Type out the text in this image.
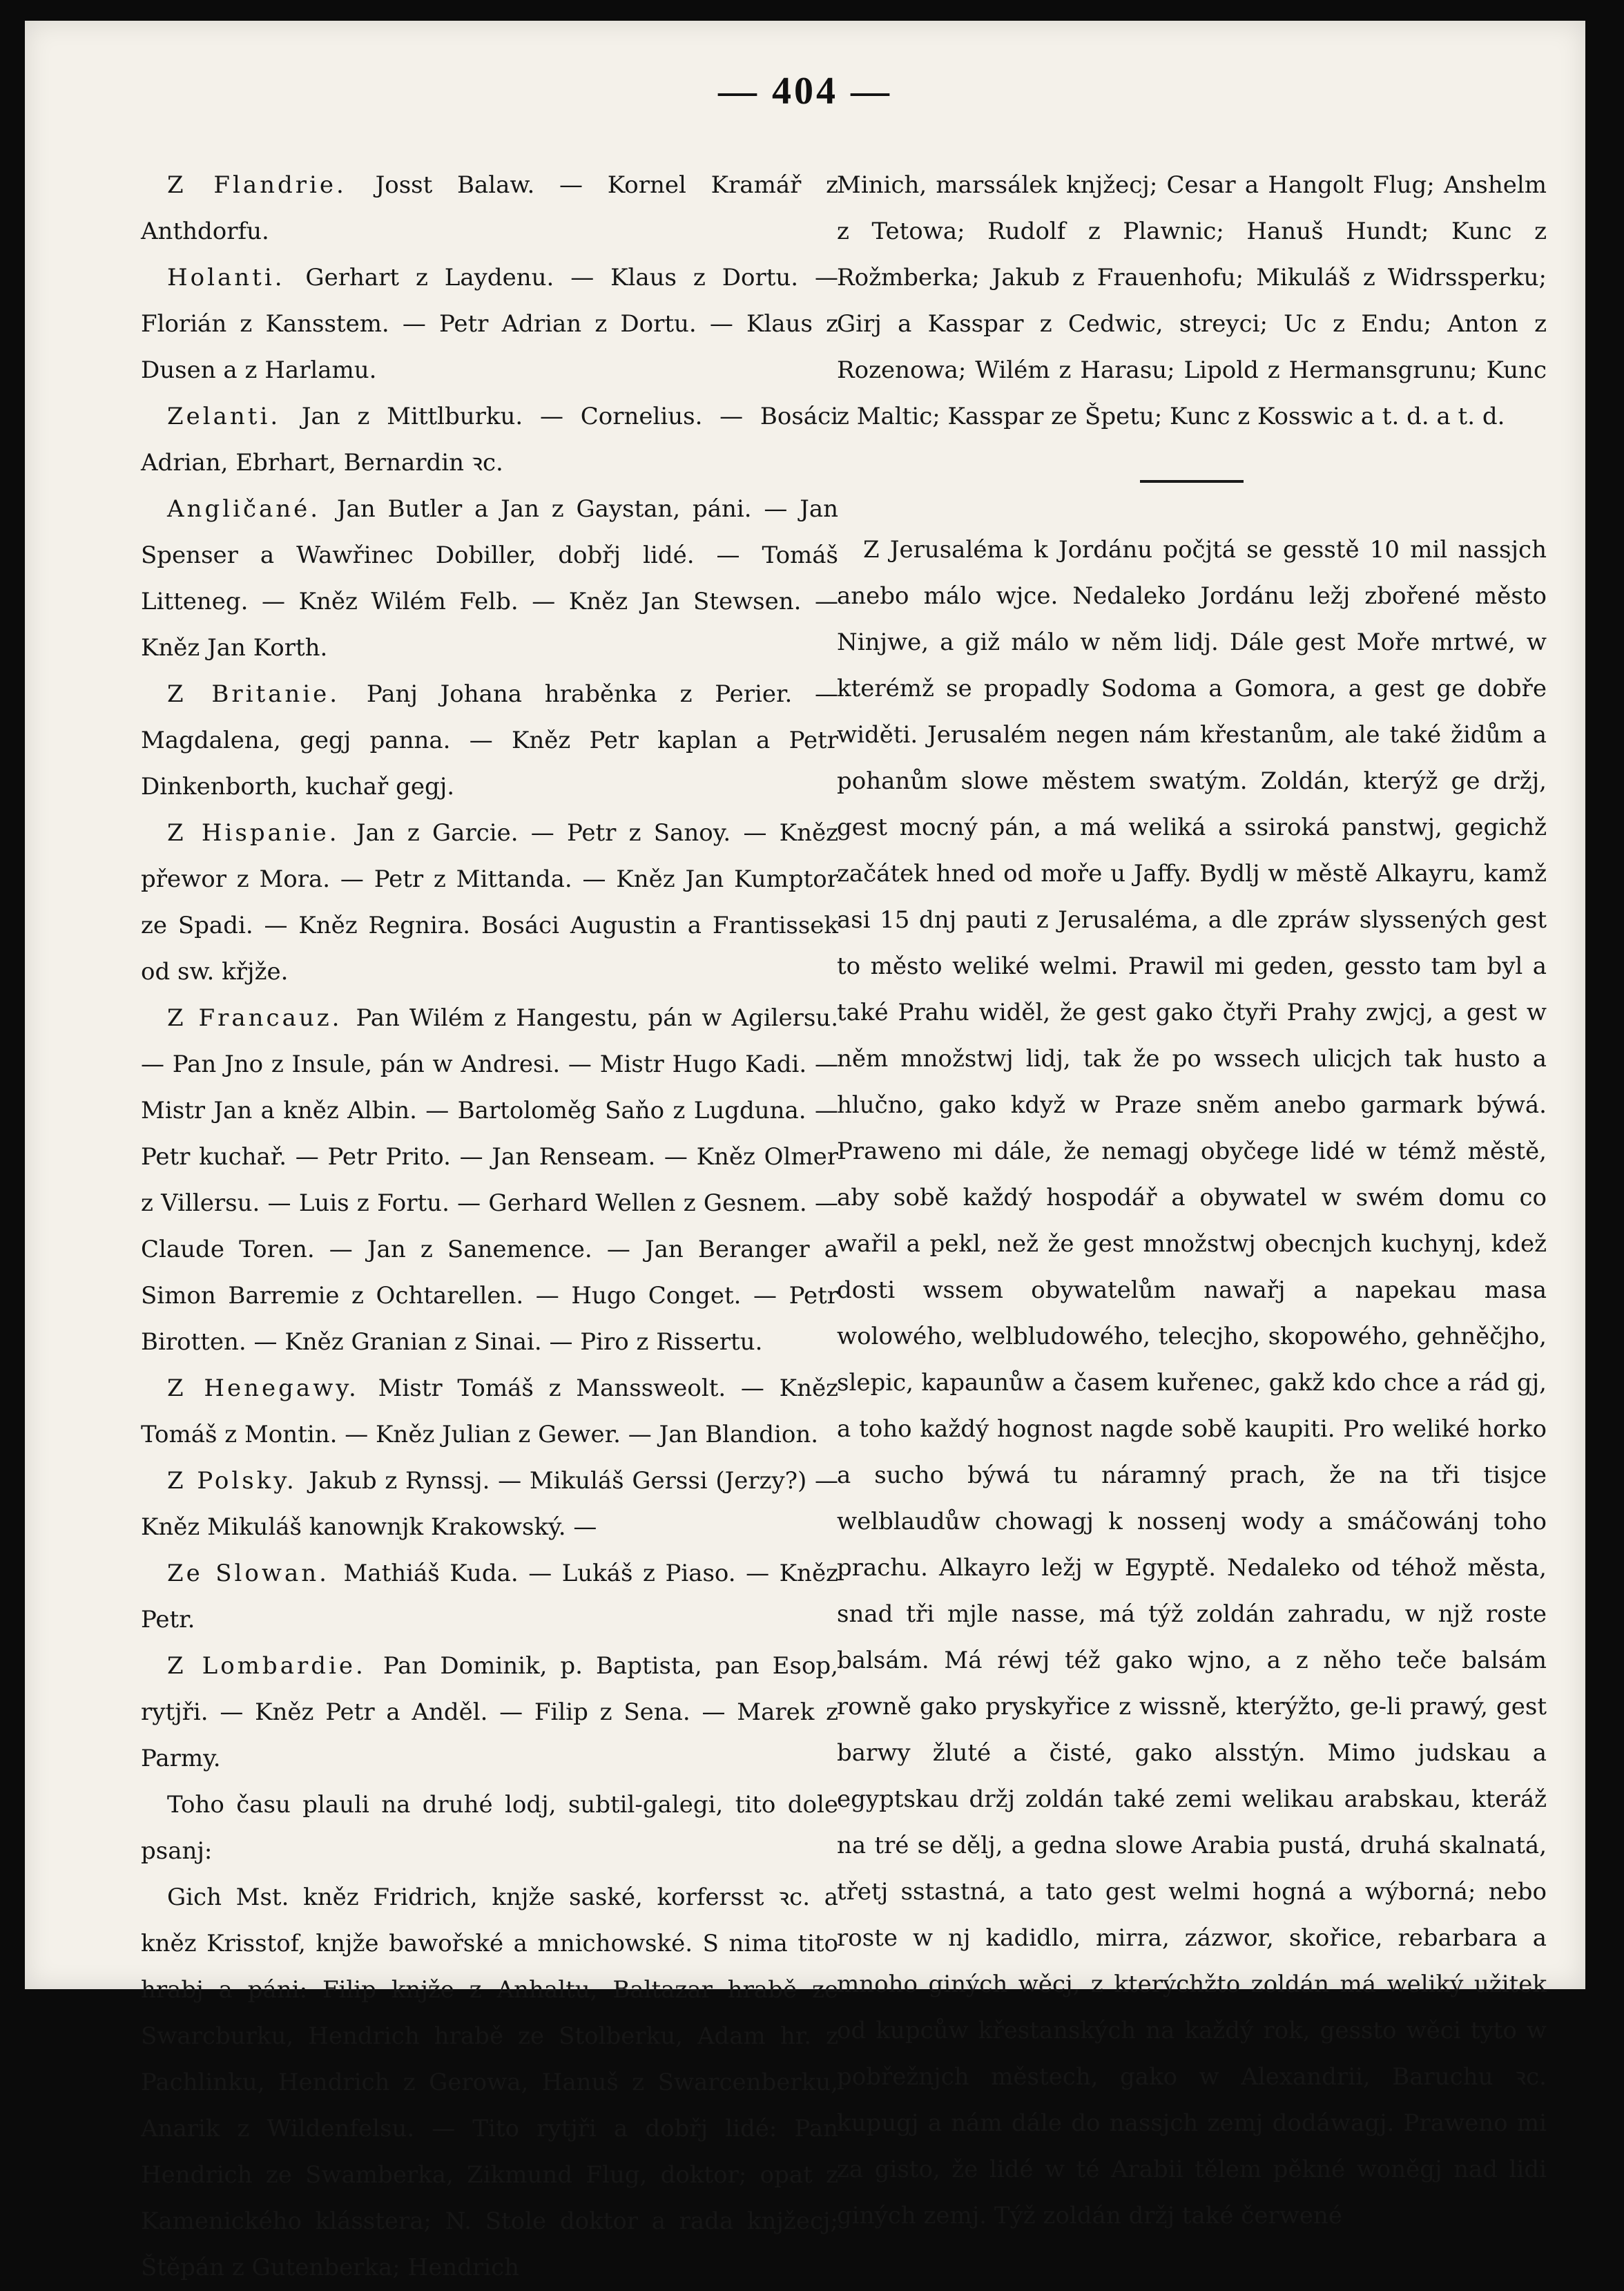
— 404 —

Z Flandrie. Josst Balaw. — Kornel Kramář z Anthdorfu.

Holanti. Gerhart z Laydenu. — Klaus z Dortu. — Florián z Kansstem. — Petr Adrian z Dortu. — Klaus z Dusen a z Harlamu.

Zelanti. Jan z Mittlburku. — Cornelius. — Bosáci Adrian, Ebrhart, Bernardin ꝛc.

Angličané. Jan Butler a Jan z Gaystan, páni. — Jan Spenser a Wawřinec Dobiller, dobřj lidé. — Tomáš Litteneg. — Kněz Wilém Felb. — Kněz Jan Stewsen. — Kněz Jan Korth.

Z Britanie. Panj Johana hraběnka z Perier. — Magdalena, gegj panna. — Kněz Petr kaplan a Petr Dinkenborth, kuchař gegj.

Z Hispanie. Jan z Garcie. — Petr z Sanoy. — Kněz přewor z Mora. — Petr z Mittanda. — Kněz Jan Kumptor ze Spadi. — Kněz Regnira. Bosáci Augustin a Frantissek od sw. křjže.

Z Francauz. Pan Wilém z Hangestu, pán w Agilersu. — Pan Jno z Insule, pán w Andresi. — Mistr Hugo Kadi. — Mistr Jan a kněz Albin. — Bartoloměg Saňo z Lugduna. — Petr kuchař. — Petr Prito. — Jan Renseam. — Kněz Olmer z Villersu. — Luis z Fortu. — Gerhard Wellen z Gesnem. — Claude Toren. — Jan z Sanemence. — Jan Beranger a Simon Barremie z Ochtarellen. — Hugo Conget. — Petr Birotten. — Kněz Granian z Sinai. — Piro z Rissertu.

Z Henegawy. Mistr Tomáš z Manssweolt. — Kněz Tomáš z Montin. — Kněz Julian z Gewer. — Jan Blandion.

Z Polsky. Jakub z Rynssj. — Mikuláš Gerssi (Jerzy?) — Kněz Mikuláš kanownjk Krakowský. —

Ze Slowan. Mathiáš Kuda. — Lukáš z Piaso. — Kněz Petr.

Z Lombardie. Pan Dominik, p. Baptista, pan Esop, rytjři. — Kněz Petr a Anděl. — Filip z Sena. — Marek z Parmy.

Toho času plauli na druhé lodj, subtil-galegi, tito dole psanj:

Gich Mst. kněz Fridrich, knjže saské, korfersst ꝛc. a kněz Krisstof, knjže bawořské a mnichowské. S nima tito hrabj a páni: Filip knjže z Anhaltu, Baltazar hrabě ze Swarcburku, Hendrich hrabě ze Stolberku, Adam hr. z Pachlinku, Hendrich z Gerowa, Hanuš z Swarcenberku, Anarik z Wildenfelsu. — Tito rytjři a dobřj lidé: Pan Hendrich ze Swamberka, Zikmund Flug, doktor; opat z Kamenického klásstera; N. Stole doktor a rada knjžecj; Štěpán z Gutenberka; Hendrich

Minich, marssálek knjžecj; Cesar a Hangolt Flug; Anshelm z Tetowa; Rudolf z Plawnic; Hanuš Hundt; Kunc z Rožmberka; Jakub z Frauenhofu; Mikuláš z Widrssperku; Girj a Kasspar z Cedwic, streyci; Uc z Endu; Anton z Rozenowa; Wilém z Harasu; Lipold z Hermansgrunu; Kunc z Maltic; Kasspar ze Špetu; Kunc z Kosswic a t. d. a t. d.

Z Jerusaléma k Jordánu počjtá se gesstě 10 mil nassjch anebo málo wjce. Nedaleko Jordánu ležj zbořené město Ninjwe, a giž málo w něm lidj. Dále gest Moře mrtwé, w kterémž se propadly Sodoma a Gomora, a gest ge dobře widěti. Jerusalém negen nám křestanům, ale také židům a pohanům slowe městem swatým. Zoldán, kterýž ge držj, gest mocný pán, a má weliká a ssiroká panstwj, gegichž začátek hned od moře u Jaffy. Bydlj w městě Alkayru, kamž asi 15 dnj pauti z Jerusaléma, a dle zpráw slyssených gest to město weliké welmi. Prawil mi geden, gessto tam byl a také Prahu widěl, že gest gako čtyři Prahy zwjcj, a gest w něm množstwj lidj, tak že po wssech ulicjch tak husto a hlučno, gako když w Praze sněm anebo garmark býwá. Praweno mi dále, že nemagj obyčege lidé w témž městě, aby sobě každý hospodář a obywatel w swém domu co wařil a pekl, než že gest množstwj obecnjch kuchynj, kdež dosti wssem obywatelům nawařj a napekau masa wolowého, welbludowého, telecjho, skopowého, gehněčjho, slepic, kapaunůw a časem kuřenec, gakž kdo chce a rád gj, a toho každý hognost nagde sobě kaupiti. Pro weliké horko a sucho býwá tu náramný prach, že na tři tisjce welblaudůw chowagj k nossenj wody a smáčowánj toho prachu. Alkayro ležj w Egyptě. Nedaleko od téhož města, snad tři mjle nasse, má týž zoldán zahradu, w njž roste balsám. Má réwj též gako wjno, a z něho teče balsám rowně gako pryskyřice z wissně, kterýžto, ge-li prawý, gest barwy žluté a čisté, gako alsstýn. Mimo judskau a egyptskau držj zoldán také zemi welikau arabskau, kteráž na tré se dělj, a gedna slowe Arabia pustá, druhá skalnatá, třetj sstastná, a tato gest welmi hogná a wýborná; nebo roste w nj kadidlo, mirra, zázwor, skořice, rebarbara a mnoho giných wěcj, z kterýchžto zoldán má weliký užitek od kupcůw křestanských na každý rok, gessto wěci tyto w pobřežnjch městech, gako w Alexandrii, Baruchu ꝛc. kupugj a nám dále do nassjch zemj dodáwagj. Praweno mi za gisto, že lidé w té Arabii tělem pěkné woněgj nad lidi giných zemj. Týž zoldán držj také čerwené
